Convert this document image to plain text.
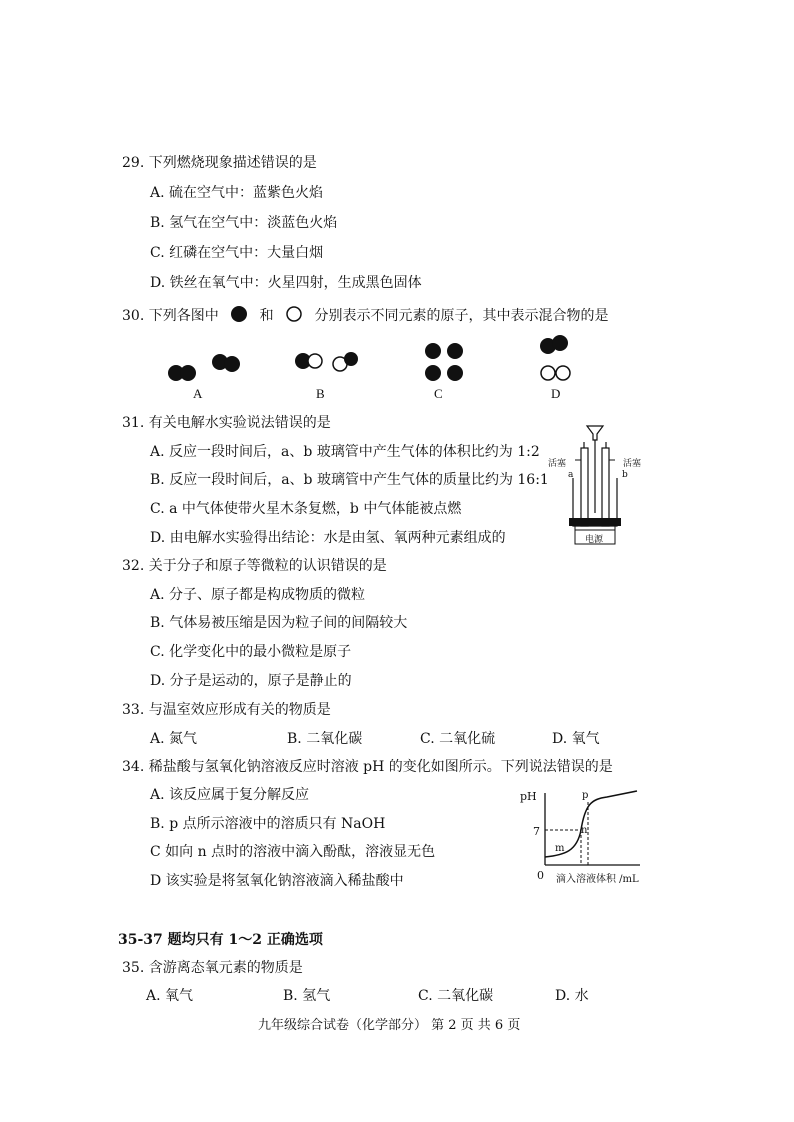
29. 下列燃烧现象描述错误的是
A. 硫在空气中：蓝紫色火焰
B. 氢气在空气中：淡蓝色火焰
C. 红磷在空气中：大量白烟
D. 铁丝在氧气中：火星四射，生成黑色固体
30. 下列各图中	和	分别表示不同元素的原子，其中表示混合物的是
A	B	C	D
31. 有关电解水实验说法错误的是
A. 反应一段时间后，a、b 玻璃管中产生气体的体积比约为 1:2
B. 反应一段时间后，a、b 玻璃管中产生气体的质量比约为 16:1
C. a 中气体使带火星木条复燃，b 中气体能被点燃
D. 由电解水实验得出结论：水是由氢、氧两种元素组成的
活塞	活塞
a	b
电源
32. 关于分子和原子等微粒的认识错误的是
A. 分子、原子都是构成物质的微粒
B. 气体易被压缩是因为粒子间的间隔较大
C. 化学变化中的最小微粒是原子
D. 分子是运动的，原子是静止的
33. 与温室效应形成有关的物质是
A. 氮气	B. 二氧化碳	C. 二氧化硫	D. 氧气
34. 稀盐酸与氢氧化钠溶液反应时溶液 pH 的变化如图所示。下列说法错误的是
A. 该反应属于复分解反应
B. p 点所示溶液中的溶质只有 NaOH
C 如向 n 点时的溶液中滴入酚酞，溶液显无色
D 该实验是将氢氧化钠溶液滴入稀盐酸中
pH
7
0 滴入溶液体积 /mL
m
n
p
35-37 题均只有 1～2 正确选项
35. 含游离态氧元素的物质是
A. 氧气	B. 氢气	C. 二氧化碳	D. 水
九年级综合试卷（化学部分） 第 2 页 共 6 页
